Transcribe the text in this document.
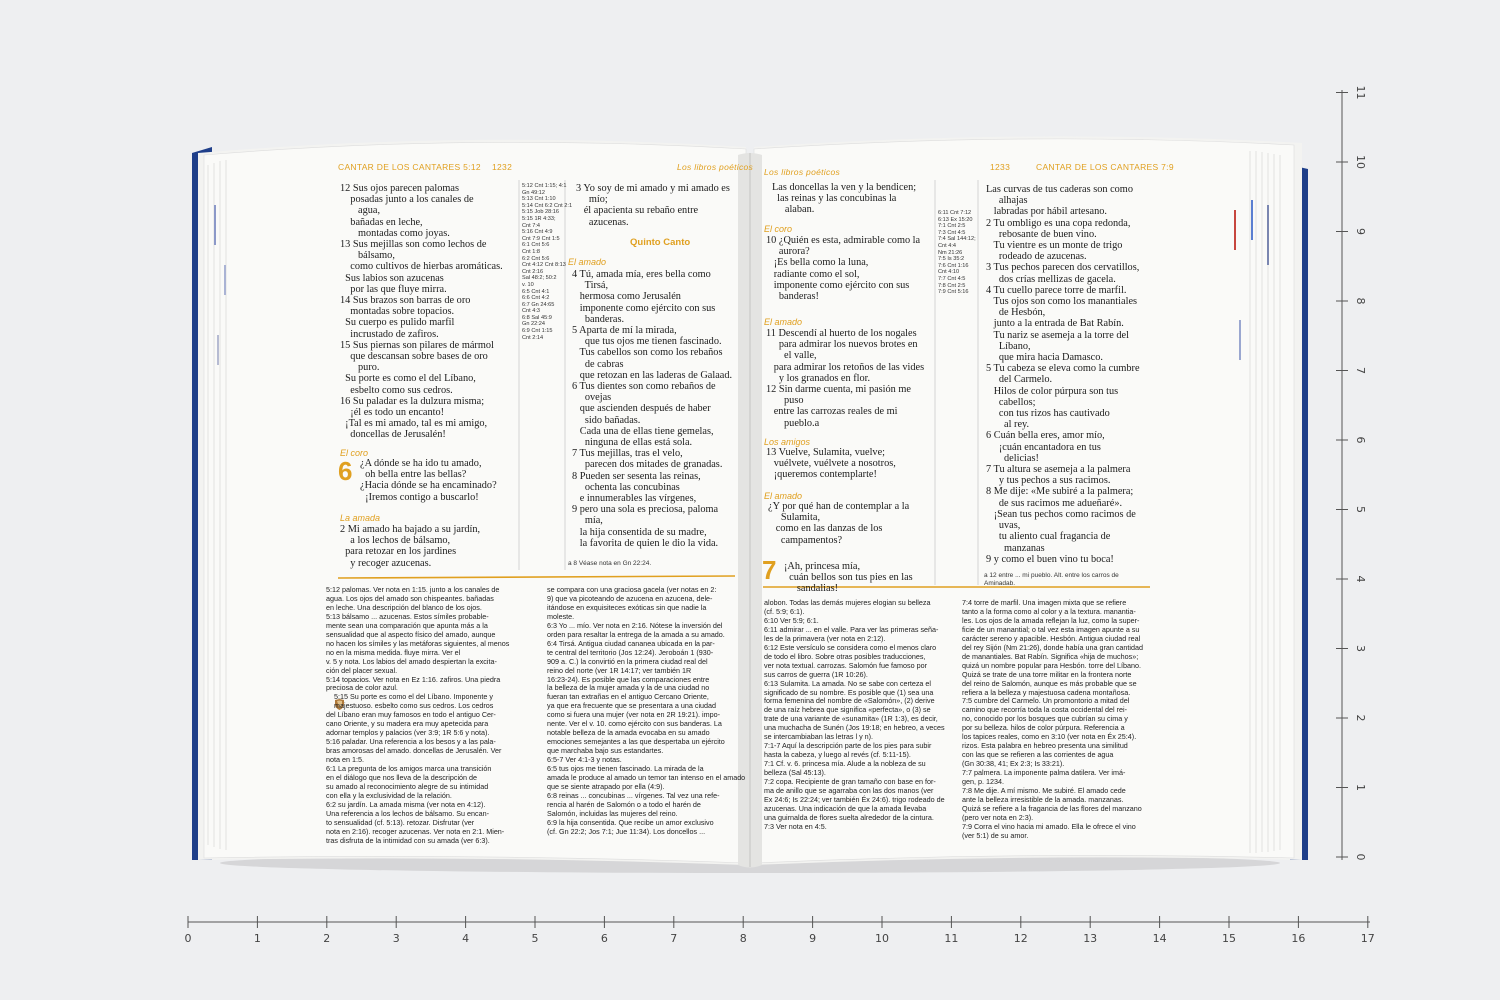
0	1	2	3	4	5	6	7	8	9	10	11	12	13	14	15	16	17
0
1
2
3
4
5
6
7
8
9
10
11
CANTAR DE LOS CANTARES 5:12 1232	Los libros poéticos
12 Sus ojos parecen palomas
posadas junto a los canales de
agua,
bañadas en leche,
montadas como joyas.
13 Sus mejillas son como lechos de
bálsamo,
como cultivos de hierbas aromáticas.
Sus labios son azucenas
por las que fluye mirra.
14 Sus brazos son barras de oro
montadas sobre topacios.
Su cuerpo es pulido marfil
incrustado de zafiros.
15 Sus piernas son pilares de mármol
que descansan sobre bases de oro
puro.
Su porte es como el del Líbano,
esbelto como sus cedros.
16 Su paladar es la dulzura misma;
¡él es todo un encanto!
¡Tal es mi amado, tal es mi amigo,
doncellas de Jerusalén!
El coro
6 ¿A dónde se ha ido tu amado,
oh bella entre las bellas?
¿Hacia dónde se ha encaminado?
¡Iremos contigo a buscarlo!
La amada
2 Mi amado ha bajado a su jardín,
a los lechos de bálsamo,
para retozar en los jardines
y recoger azucenas.
5:12 Cnt 1:15; 4:1
Gn 49:12
5:13 Cnt 1:10
5:14 Cnt 6:2 Cnt 2:1
5:15 Job 28:16
5:15 1R 4:33;
Cnt 7:4
5:16 Cnt 4:9
Cnt 7:9 Cnt 1:5
6:1 Cnt 5:6
Cnt 1:8
6:2 Cnt 5:6
Cnt 4:12 Cnt 8:13
Cnt 2:16
Sal 48:2; 50:2
v. 10
6:5 Cnt 4:1
6:6 Cnt 4:2
6:7 Gn 24:65
Cnt 4:3
6:8 Sal 45:9
Gn 22:24
6:9 Cnt 1:15
Cnt 2:14
3 Yo soy de mi amado y mi amado es
mío;
él apacienta su rebaño entre
azucenas.
Quinto Canto
El amado
4 Tú, amada mía, eres bella como
Tirsá,
hermosa como Jerusalén
imponente como ejército con sus
banderas.
5 Aparta de mí la mirada,
que tus ojos me tienen fascinado.
Tus cabellos son como los rebaños
de cabras
que retozan en las laderas de Galaad.
6 Tus dientes son como rebaños de
ovejas
que ascienden después de haber
sido bañadas.
Cada una de ellas tiene gemelas,
ninguna de ellas está sola.
7 Tus mejillas, tras el velo,
parecen dos mitades de granadas.
8 Pueden ser sesenta las reinas,
ochenta las concubinas
e innumerables las vírgenes,
9 pero una sola es preciosa, paloma
mía,
la hija consentida de su madre,
la favorita de quien le dio la vida.
a 8 Véase nota en Gn 22:24.
5:12 palomas. Ver nota en 1:15. junto a los canales de
agua. Los ojos del amado son chispeantes. bañadas
en leche. Una descripción del blanco de los ojos.
5:13 bálsamo ... azucenas. Estos símiles probable-
mente sean una comparación que apunta más a la
sensualidad que al aspecto físico del amado, aunque
no hacen los símiles y las metáforas siguientes, al menos
no en la misma medida. fluye mirra. Ver el
v. 5 y nota. Los labios del amado despiertan la excita-
ción del placer sexual.
5:14 topacios. Ver nota en Ez 1:16. zafiros. Una piedra
preciosa de color azul.
5:15 Su porte es como el del Líbano. Imponente y
majestuoso. esbelto como sus cedros. Los cedros
del Líbano eran muy famosos en todo el antiguo Cer-
cano Oriente, y su madera era muy apetecida para
adornar templos y palacios (ver 3:9; 1R 5:6 y nota).
5:16 paladar. Una referencia a los besos y a las pala-
bras amorosas del amado. doncellas de Jerusalén. Ver
nota en 1:5.
6:1 La pregunta de los amigos marca una transición
en el diálogo que nos lleva de la descripción de
su amado al reconocimiento alegre de su intimidad
con ella y la exclusividad de la relación.
6:2 su jardín. La amada misma (ver nota en 4:12).
Una referencia a los lechos de bálsamo. Su encan-
to sensualidad (cf. 5:13). retozar. Disfrutar (ver
nota en 2:16). recoger azucenas. Ver nota en 2:1. Mien-
tras disfruta de la intimidad con su amada (ver 6:3).
se compara con una graciosa gacela (ver notas en 2:
9) que va picoteando de azucena en azucena, dele-
itándose en exquisiteces exóticas sin que nadie la
moleste.
6:3 Yo ... mío. Ver nota en 2:16. Nótese la inversión del
orden para resaltar la entrega de la amada a su amado.
6:4 Tirsá. Antigua ciudad cananea ubicada en la par-
te central del territorio (Jos 12:24). Jeroboán 1 (930-
909 a. C.) la convirtió en la primera ciudad real del
reino del norte (ver 1R 14:17; ver también 1R
16:23-24). Es posible que las comparaciones entre
la belleza de la mujer amada y la de una ciudad no
fueran tan extrañas en el antiguo Cercano Oriente,
ya que era frecuente que se presentara a una ciudad
como si fuera una mujer (ver nota en 2R 19:21). impo-
nente. Ver el v. 10. como ejército con sus banderas. La
notable belleza de la amada evocaba en su amado
emociones semejantes a las que despertaba un ejército
que marchaba bajo sus estandartes.
6:5-7 Ver 4:1-3 y notas.
6:5 tus ojos me tienen fascinado. La mirada de la
amada le produce al amado un temor tan intenso en el amado
que se siente atrapado por ella (4:9).
6:8 reinas ... concubinas ... vírgenes. Tal vez una refe-
rencia al harén de Salomón o a todo el harén de
Salomón, incluidas las mujeres del reino.
6:9 la hija consentida. Que recibe un amor exclusivo
(cf. Gn 22:2; Jos 7:1; Jue 11:34). Los doncellos ...
Los libros poéticos	1233	CANTAR DE LOS CANTARES 7:9
Las doncellas la ven y la bendicen;
las reinas y las concubinas la
alaban.
El coro
10 ¿Quién es esta, admirable como la
aurora?
¡Es bella como la luna,
radiante como el sol,
imponente como ejército con sus
banderas!
El amado
11 Descendí al huerto de los nogales
para admirar los nuevos brotes en
el valle,
para admirar los retoños de las vides
y los granados en flor.
12 Sin darme cuenta, mi pasión me
puso
entre las carrozas reales de mi
pueblo.a
Los amigos
13 Vuelve, Sulamita, vuelve;
vuélvete, vuélvete a nosotros,
¡queremos contemplarte!
El amado
¿Y por qué han de contemplar a la
Sulamita,
como en las danzas de los
campamentos?
7 ¡Ah, princesa mía,
cuán bellos son tus pies en las
sandalias!
6:11 Cnt 7:12
6:13 Ex 15:20
7:1 Cnt 2:5
7:3 Cnt 4:5
7:4 Sal 144:12;
Cnt 4:4
Nm 21:26
7:5 Is 35:2
7:6 Cnt 1:16
Cnt 4:10
7:7 Cnt 4:5
7:8 Cnt 2:5
7:9 Cnt 5:16
Las curvas de tus caderas son como
alhajas
labradas por hábil artesano.
2 Tu ombligo es una copa redonda,
rebosante de buen vino.
Tu vientre es un monte de trigo
rodeado de azucenas.
3 Tus pechos parecen dos cervatillos,
dos crías mellizas de gacela.
4 Tu cuello parece torre de marfil.
Tus ojos son como los manantiales
de Hesbón,
junto a la entrada de Bat Rabín.
Tu nariz se asemeja a la torre del
Líbano,
que mira hacia Damasco.
5 Tu cabeza se eleva como la cumbre
del Carmelo.
Hilos de color púrpura son tus
cabellos;
con tus rizos has cautivado
al rey.
6 Cuán bella eres, amor mío,
¡cuán encantadora en tus
delicias!
7 Tu altura se asemeja a la palmera
y tus pechos a sus racimos.
8 Me dije: «Me subiré a la palmera;
de sus racimos me adueñaré».
¡Sean tus pechos como racimos de
uvas,
tu aliento cual fragancia de
manzanas
9 y como el buen vino tu boca!
a 12 entre ... mi pueblo. Alt. entre los carros de
Aminadab.
alobon. Todas las demás mujeres elogian su belleza
(cf. 5:9; 6:1).
6:10 Ver 5:9; 6:1.
6:11 admirar ... en el valle. Para ver las primeras seña-
les de la primavera (ver nota en 2:12).
6:12 Este versículo se considera como el menos claro
de todo el libro. Sobre otras posibles traducciones,
ver nota textual. carrozas. Salomón fue famoso por
sus carros de guerra (1R 10:26).
6:13 Sulamita. La amada. No se sabe con certeza el
significado de su nombre. Es posible que (1) sea una
forma femenina del nombre de «Salomón», (2) derive
de una raíz hebrea que significa «perfecta», o (3) se
trate de una variante de «sunamita» (1R 1:3), es decir,
una muchacha de Sunén (Jos 19:18; en hebreo, a veces
se intercambiaban las letras l y n).
7:1-7 Aquí la descripción parte de los pies para subir
hasta la cabeza, y luego al revés (cf. 5:11-15).
7:1 Cf. v. 6. princesa mía. Alude a la nobleza de su
belleza (Sal 45:13).
7:2 copa. Recipiente de gran tamaño con base en for-
ma de anillo que se agarraba con las dos manos (ver
Ex 24:6; Is 22:24; ver también Éx 24:6). trigo rodeado de
azucenas. Una indicación de que la amada llevaba
una guirnalda de flores suelta alrededor de la cintura.
7:3 Ver nota en 4:5.
7:4 torre de marfil. Una imagen mixta que se refiere
tanto a la forma como al color y a la textura. manantia-
les. Los ojos de la amada reflejan la luz, como la super-
ficie de un manantial; o tal vez esta imagen apunte a su
carácter sereno y apacible. Hesbón. Antigua ciudad real
del rey Sijón (Nm 21:26), donde había una gran cantidad
de manantiales. Bat Rabín. Significa «hija de muchos»;
quizá un nombre popular para Hesbón. torre del Líbano.
Quizá se trate de una torre militar en la frontera norte
del reino de Salomón, aunque es más probable que se
refiera a la belleza y majestuosa cadena montañosa.
7:5 cumbre del Carmelo. Un promontorio a mitad del
camino que recorría toda la costa occidental del rei-
no, conocido por los bosques que cubrían su cima y
por su belleza. hilos de color púrpura. Referencia a
los tapices reales, como en 3:10 (ver nota en Éx 25:4).
rizos. Esta palabra en hebreo presenta una similitud
con las que se refieren a las corrientes de agua
(Gn 30:38, 41; Ex 2:3; Is 33:21).
7:7 palmera. La imponente palma datilera. Ver imá-
gen, p. 1234.
7:8 Me dije. A mí mismo. Me subiré. El amado cede
ante la belleza irresistible de la amada. manzanas.
Quizá se refiere a la fragancia de las flores del manzano
(pero ver nota en 2:3).
7:9 Corra el vino hacia mi amado. Ella le ofrece el vino
(ver 5:1) de su amor.
